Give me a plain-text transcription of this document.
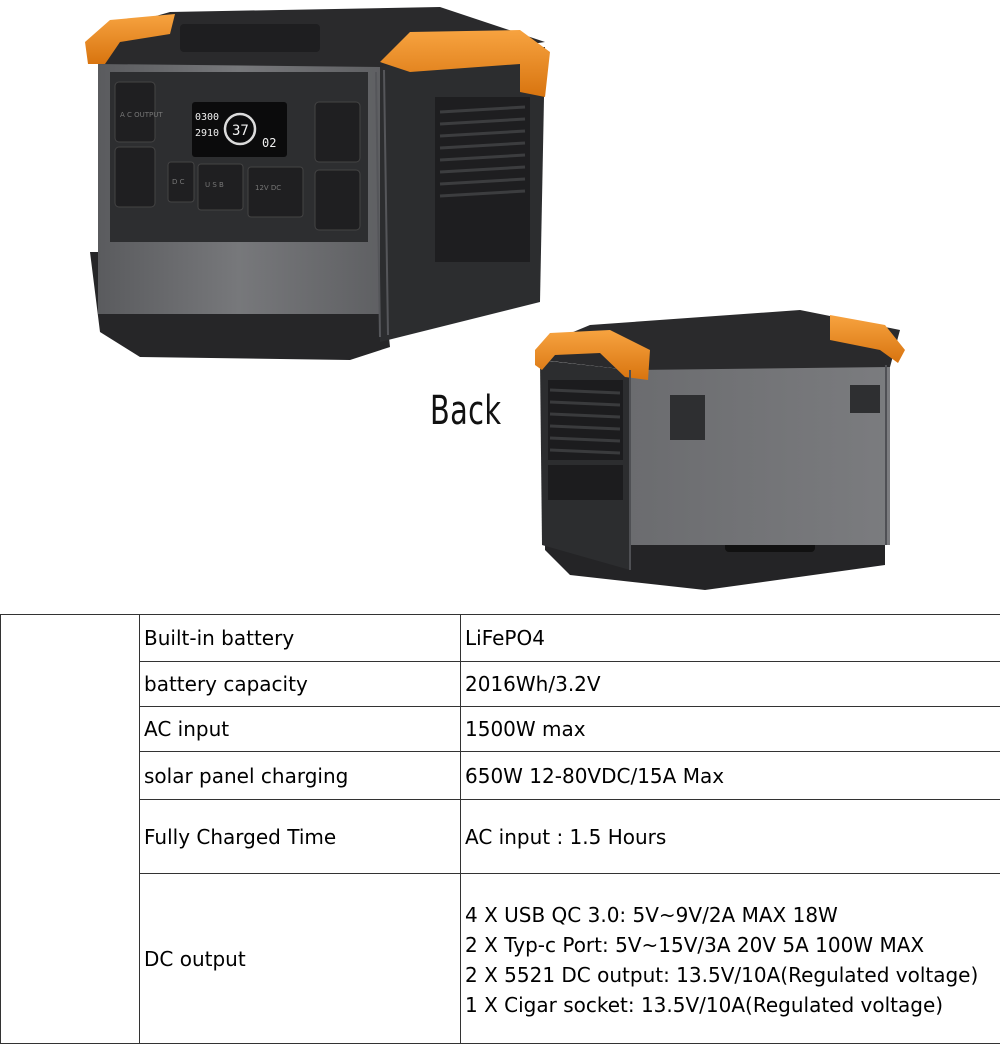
37
0300
2910
02
A C OUTPUT
D C	U S B	12V DC
Back
	Built-in battery	LiFePO4
	battery capacity	2016Wh/3.2V
	AC input	1500W max
	solar panel charging	650W 12-80VDC/15A Max
	Fully Charged Time	AC input : 1.5 Hours
	DC output	4 X USB QC 3.0: 5V~9V/2A MAX 18W
2 X Typ-c Port: 5V~15V/3A 20V 5A 100W MAX
2 X 5521 DC output: 13.5V/10A(Regulated voltage)
1 X Cigar socket: 13.5V/10A(Regulated voltage)
